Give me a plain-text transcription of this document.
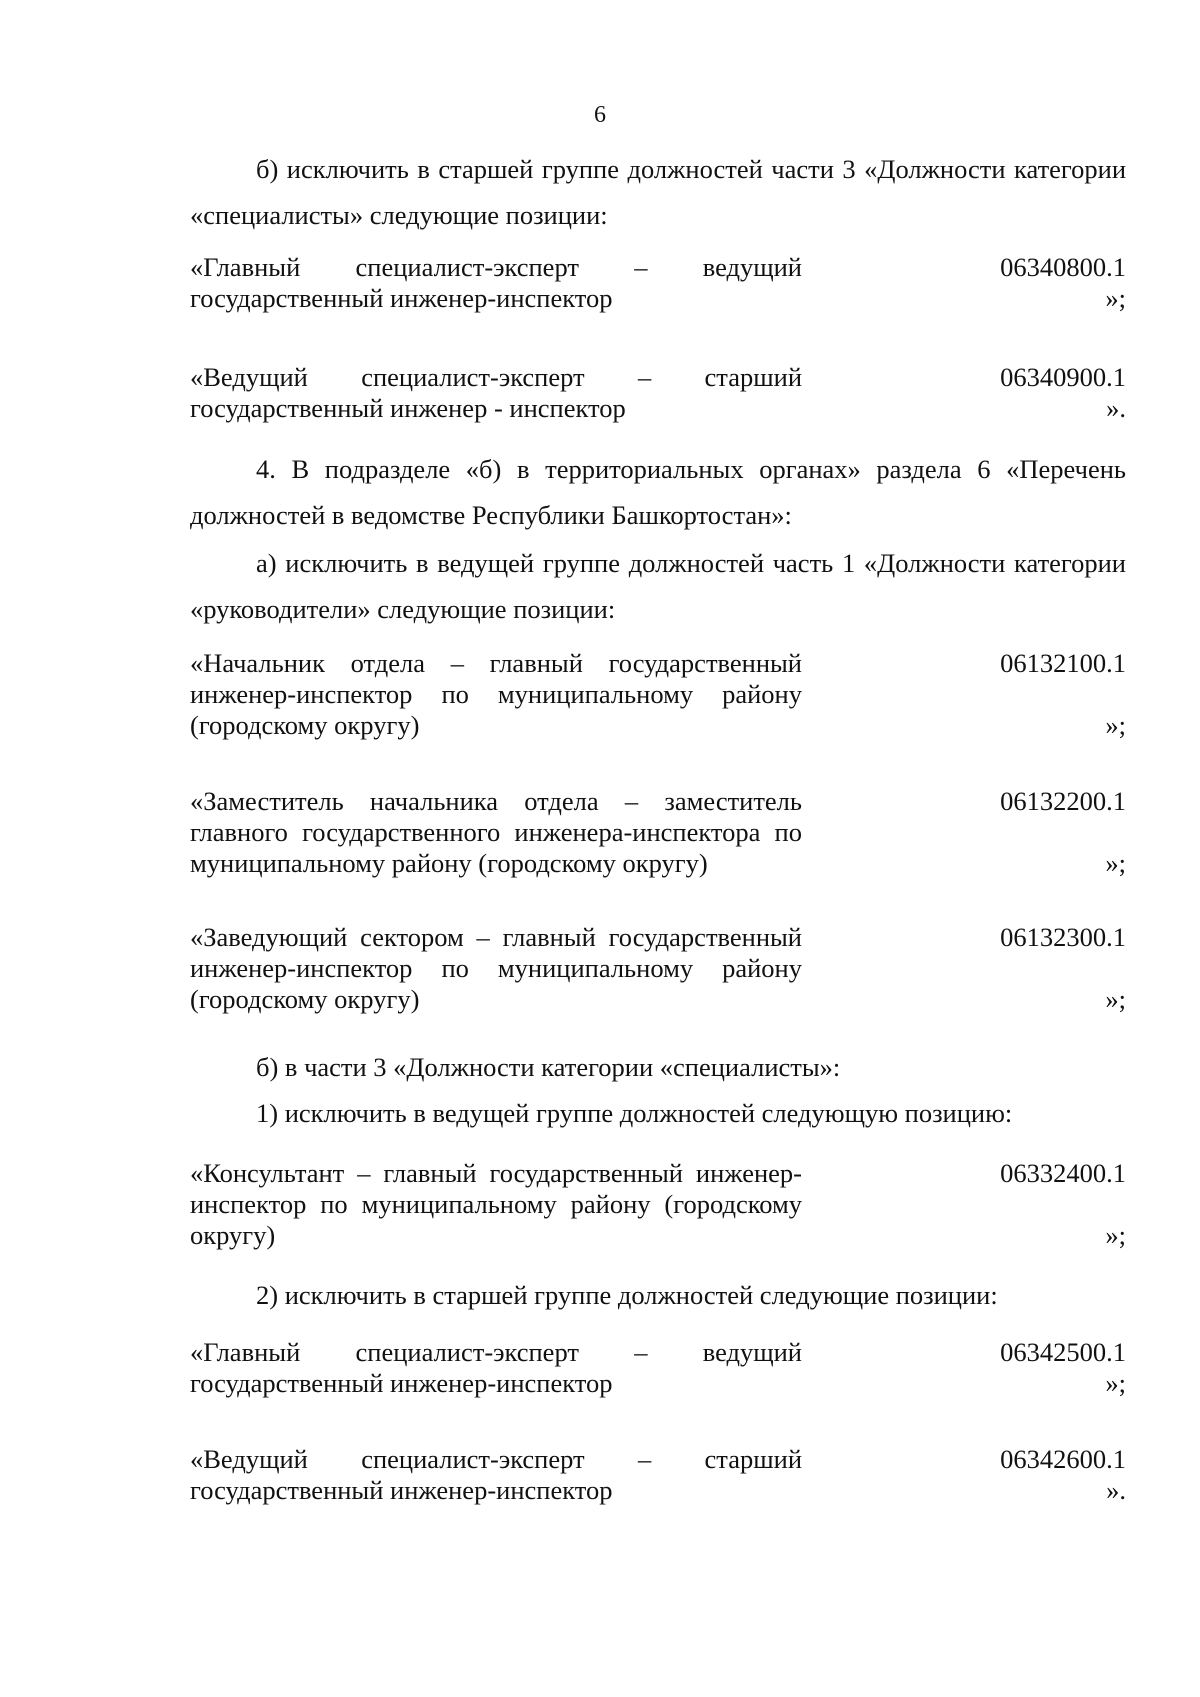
6
б) исключить в старшей группе должностей части 3 «Должности категории «специалисты» следующие позиции:
«Главный специалист-эксперт – ведущий государственный инженер-инспектор
06340800.1
»;
«Ведущий специалист-эксперт – старший государственный инженер - инспектор
06340900.1
».
4. В подразделе «б) в территориальных органах» раздела 6 «Перечень должностей в ведомстве Республики Башкортостан»:
а) исключить в ведущей группе должностей часть 1 «Должности категории «руководители» следующие позиции:
«Начальник отдела – главный государственный инженер-инспектор по муниципальному району (городскому округу)
06132100.1
»;
«Заместитель начальника отдела – заместитель главного государственного инженера-инспектора по муниципальному району (городскому округу)
06132200.1
»;
«Заведующий сектором – главный государственный инженер-инспектор по муниципальному району (городскому округу)
06132300.1
»;
б) в части 3 «Должности категории «специалисты»:
1) исключить в ведущей группе должностей следующую позицию:
«Консультант – главный государственный инженер-инспектор по муниципальному району (городскому округу)
06332400.1
»;
2) исключить в старшей группе должностей следующие позиции:
«Главный специалист-эксперт – ведущий государственный инженер-инспектор
06342500.1
»;
«Ведущий специалист-эксперт – старший государственный инженер-инспектор
06342600.1
».
